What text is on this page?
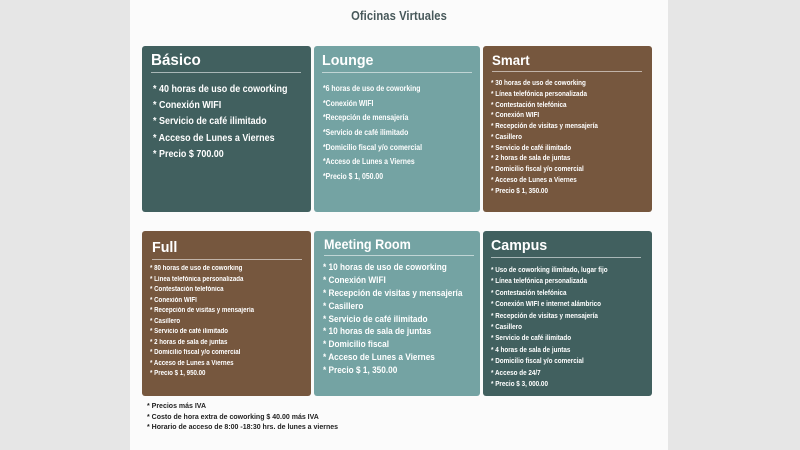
Oficinas Virtuales
Básico
* 40 horas de uso de coworking
* Conexión WIFI
* Servicio de café ilimitado
* Acceso de Lunes a Viernes
* Precio $ 700.00
Lounge
*6 horas de uso de coworking
*Conexión WIFI
*Recepción de mensajería
*Servicio de café ilimitado
*Domicilio fiscal y/o comercial
*Acceso de Lunes a Viernes
*Precio $ 1, 050.00
Smart
* 30 horas de uso de coworking
* Línea telefónica personalizada
* Contestación telefónica
* Conexión WIFI
* Recepción de visitas y mensajería
* Casillero
* Servicio de café ilimitado
* 2 horas de sala de juntas
* Domicilio fiscal y/o comercial
* Acceso de Lunes a Viernes
* Precio $ 1, 350.00
Full
* 80 horas de uso de coworking
* Línea telefónica personalizada
* Contestación telefónica
* Conexión WIFI
* Recepción de visitas y mensajería
* Casillero
* Servicio de café ilimitado
* 2 horas de sala de juntas
* Domicilio fiscal y/o comercial
* Acceso de Lunes a Viernes
* Precio $ 1, 950.00
Meeting Room
* 10 horas de uso de coworking
* Conexión WIFI
* Recepción de visitas y mensajería
* Casillero
* Servicio de café ilimitado
* 10 horas de sala de juntas
* Domicilio fiscal
* Acceso de Lunes a Viernes
* Precio $ 1, 350.00
Campus
* Uso de coworking ilimitado, lugar fijo
* Línea telefónica personalizada
* Contestación telefónica
* Conexión WIFI e internet alámbrico
* Recepción de visitas y mensajería
* Casillero
* Servicio de café ilimitado
* 4 horas de sala de juntas
* Domicilio fiscal y/o comercial
* Acceso de 24/7
* Precio $ 3, 000.00
* Precios más IVA
* Costo de hora extra de coworking $ 40.00 más IVA
* Horario de acceso de 8:00 -18:30 hrs. de lunes a viernes
